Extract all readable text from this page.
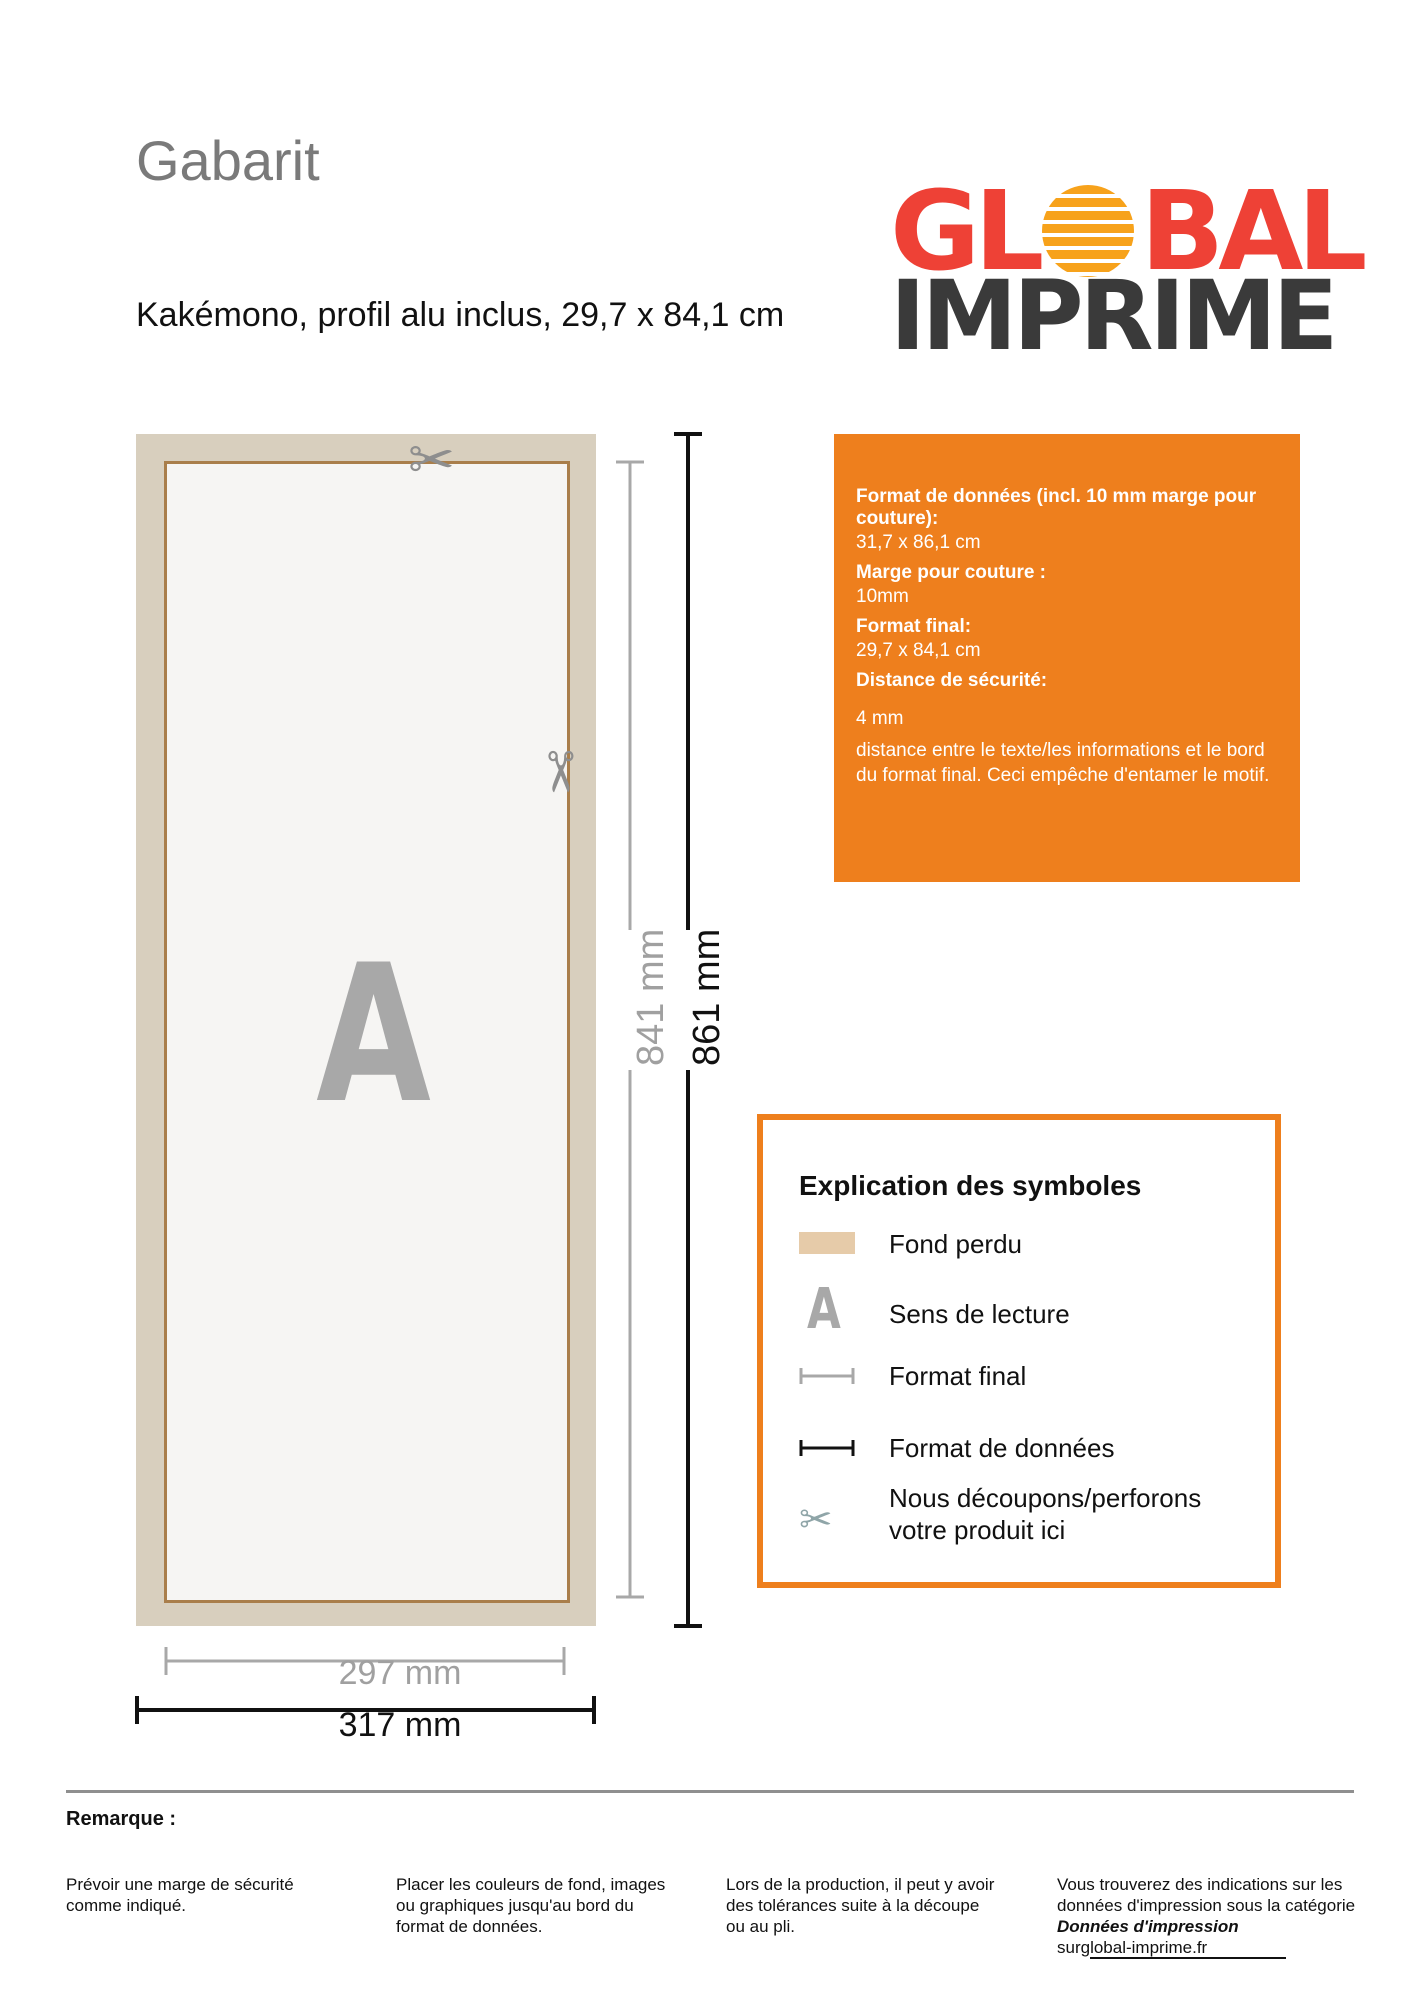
Gabarit
Kakémono, profil alu inclus, 29,7 x 84,1 cm
GL BAL
IMPRIME
A
✂
✂
841 mm 861 mm
297 mm
317 mm
Format de données (incl. 10 mm marge pour couture):
31,7 x 86,1 cm
Marge pour couture :
10mm
Format final:
29,7 x 84,1 cm
Distance de sécurité:
4 mm
distance entre le texte/les informations et le bord du format final. Ceci empêche d'entamer le motif.
Explication des symboles
Fond perdu
A Sens de lecture
Format final
Format de données
✂	Nous découpons/perforons votre produit ici
Remarque :
Prévoir une marge de sécurité comme indiqué.
Placer les couleurs de fond, images ou graphiques jusqu'au bord du format de données.
Lors de la production, il peut y avoir des tolérances suite à la découpe ou au pli.
Vous trouverez des indications sur les données d'impression sous la catégorie Données d'impression
surglobal-imprime.fr
